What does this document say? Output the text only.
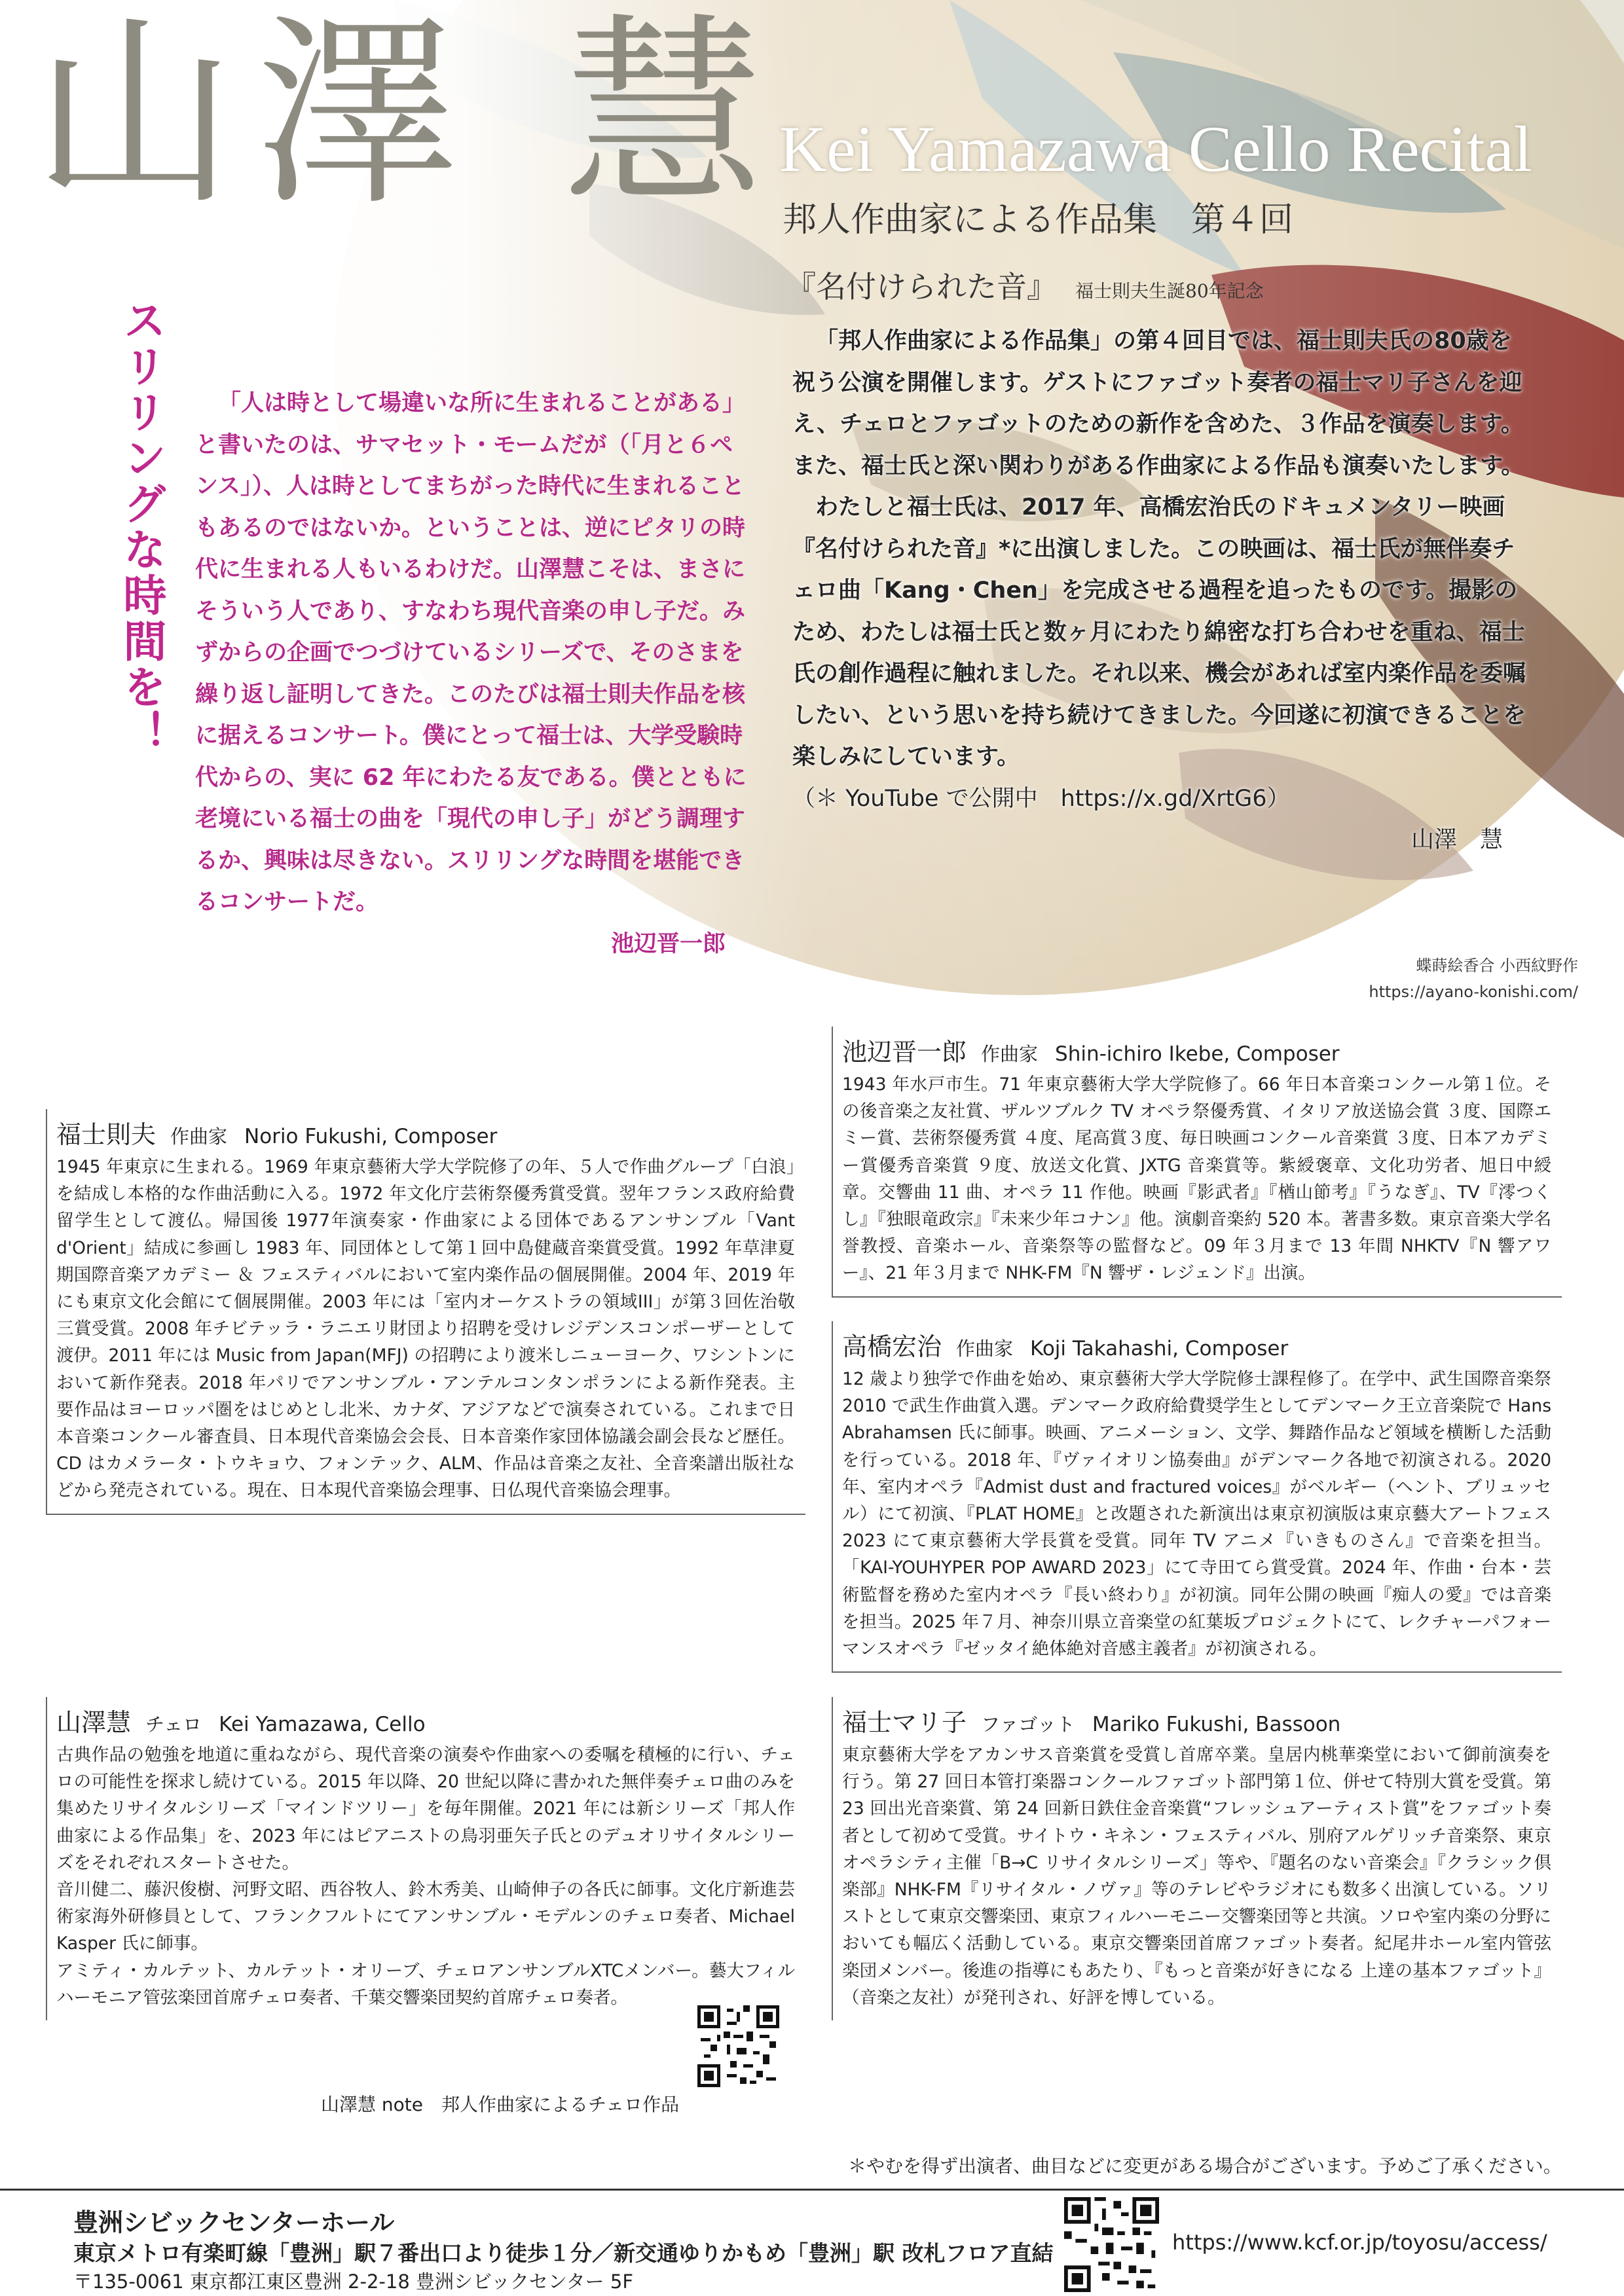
山澤 慧
Kei Yamazawa Cello Recital
邦人作曲家による作品集　第４回
『名付けられた音』 福士則夫生誕80年記念
スリリングな時間を！	「人は時として場違いな所に生まれることがある」と書いたのは、サマセット・モームだが（「月と６ペンス」）、人は時としてまちがった時代に生まれることもあるのではないか。ということは、逆にピタリの時代に生まれる人もいるわけだ。山澤慧こそは、まさにそういう人であり、すなわち現代音楽の申し子だ。みずからの企画でつづけているシリーズで、そのさまを繰り返し証明してきた。このたびは福士則夫作品を核に据えるコンサート。僕にとって福士は、大学受験時代からの、実に 62 年にわたる友である。僕とともに老境にいる福士の曲を「現代の申し子」がどう調理するか、興味は尽きない。スリリングな時間を堪能できるコンサートだ。

池辺晋一郎

「邦人作曲家による作品集」の第４回目では、福士則夫氏の80歳を祝う公演を開催します。ゲストにファゴット奏者の福士マリ子さんを迎え、チェロとファゴットのための新作を含めた、３作品を演奏します。また、福士氏と深い関わりがある作曲家による作品も演奏いたします。

わたしと福士氏は、2017 年、高橋宏治氏のドキュメンタリー映画『名付けられた音』*に出演しました。この映画は、福士氏が無伴奏チェロ曲「Kang・Chen」を完成させる過程を追ったものです。撮影のため、わたしは福士氏と数ヶ月にわたり綿密な打ち合わせを重ね、福士氏の創作過程に触れました。それ以来、機会があれば室内楽作品を委嘱したい、という思いを持ち続けてきました。今回遂に初演できることを楽しみにしています。

（＊ YouTube で公開中　https://x.gd/XrtG6）

山澤　慧

蝶蒔絵香合 小西紋野作
https://ayano-konishi.com/
池辺晋一郎 作曲家 Shin-ichiro Ikebe, Composer
1943 年水戸市生。71 年東京藝術大学大学院修了。66 年日本音楽コンクール第１位。その後音楽之友社賞、ザルツブルク TV オペラ祭優秀賞、イタリア放送協会賞 ３度、国際エミー賞、芸術祭優秀賞 ４度、尾高賞３度、毎日映画コンクール音楽賞 ３度、日本アカデミー賞優秀音楽賞 ９度、放送文化賞、JXTG 音楽賞等。紫綬褒章、文化功労者、旭日中綬章。交響曲 11 曲、オペラ 11 作他。映画『影武者』『楢山節考』『うなぎ』、TV『澪つくし』『独眼竜政宗』『未来少年コナン』他。演劇音楽約 520 本。著書多数。東京音楽大学名誉教授、音楽ホール、音楽祭等の監督など。09 年３月まで 13 年間 NHKTV『N 響アワー』、21 年３月まで NHK-FM『N 響ザ・レジェンド』出演。
福士則夫 作曲家 Norio Fukushi, Composer
1945 年東京に生まれる。1969 年東京藝術大学大学院修了の年、５人で作曲グループ「白浪」を結成し本格的な作曲活動に入る。1972 年文化庁芸術祭優秀賞受賞。翌年フランス政府給費留学生として渡仏。帰国後 1977年演奏家・作曲家による団体であるアンサンブル「Vant d'Orient」結成に参画し 1983 年、同団体として第１回中島健蔵音楽賞受賞。1992 年草津夏期国際音楽アカデミー ＆ フェスティバルにおいて室内楽作品の個展開催。2004 年、2019 年にも東京文化会館にて個展開催。2003 年には「室内オーケストラの領域III」が第３回佐治敬三賞受賞。2008 年チビテッラ・ラニエリ財団より招聘を受けレジデンスコンポーザーとして渡伊。2011 年には Music from Japan(MFJ) の招聘により渡米しニューヨーク、ワシントンにおいて新作発表。2018 年パリでアンサンブル・アンテルコンタンポランによる新作発表。主要作品はヨーロッパ圏をはじめとし北米、カナダ、アジアなどで演奏されている。これまで日本音楽コンクール審査員、日本現代音楽協会会長、日本音楽作家団体協議会副会長など歴任。CD はカメラータ・トウキョウ、フォンテック、ALM、作品は音楽之友社、全音楽譜出版社などから発売されている。現在、日本現代音楽協会理事、日仏現代音楽協会理事。
高橋宏治 作曲家 Koji Takahashi, Composer
12 歳より独学で作曲を始め、東京藝術大学大学院修士課程修了。在学中、武生国際音楽祭 2010 で武生作曲賞入選。デンマーク政府給費奨学生としてデンマーク王立音楽院で Hans Abrahamsen 氏に師事。映画、アニメーション、文学、舞踏作品など領域を横断した活動を行っている。2018 年、『ヴァイオリン協奏曲』がデンマーク各地で初演される。2020年、室内オペラ『Admist dust and fractured voices』がベルギー（ヘント、ブリュッセル）にて初演、『PLAT HOME』と改題された新演出は東京初演版は東京藝大アートフェス 2023 にて東京藝術大学長賞を受賞。同年 TV アニメ『いきものさん』で音楽を担当。「KAI-YOUHYPER POP AWARD 2023」にて寺田てら賞受賞。2024 年、作曲・台本・芸術監督を務めた室内オペラ『長い終わり』が初演。同年公開の映画『痴人の愛』では音楽を担当。2025 年７月、神奈川県立音楽堂の紅葉坂プロジェクトにて、レクチャーパフォーマンスオペラ『ゼッタイ絶体絶対音感主義者』が初演される。
山澤慧 チェロ Kei Yamazawa, Cello
古典作品の勉強を地道に重ねながら、現代音楽の演奏や作曲家への委嘱を積極的に行い、チェロの可能性を探求し続けている。2015 年以降、20 世紀以降に書かれた無伴奏チェロ曲のみを集めたリサイタルシリーズ「マインドツリー」を毎年開催。2021 年には新シリーズ「邦人作曲家による作品集」を、2023 年にはピアニストの鳥羽亜矢子氏とのデュオリサイタルシリーズをそれぞれスタートさせた。
音川健二、藤沢俊樹、河野文昭、西谷牧人、鈴木秀美、山崎伸子の各氏に師事。文化庁新進芸術家海外研修員として、フランクフルトにてアンサンブル・モデルンのチェロ奏者、Michael Kasper 氏に師事。
アミティ・カルテット、カルテット・オリーブ、チェロアンサンブルXTCメンバー。藝大フィルハーモニア管弦楽団首席チェロ奏者、千葉交響楽団契約首席チェロ奏者。
福士マリ子 ファゴット Mariko Fukushi, Bassoon
東京藝術大学をアカンサス音楽賞を受賞し首席卒業。皇居内桃華楽堂において御前演奏を行う。第 27 回日本管打楽器コンクールファゴット部門第１位、併せて特別大賞を受賞。第 23 回出光音楽賞、第 24 回新日鉄住金音楽賞“フレッシュアーティスト賞”をファゴット奏者として初めて受賞。サイトウ・キネン・フェスティバル、別府アルゲリッチ音楽祭、東京オペラシティ主催「B→C リサイタルシリーズ」等や、『題名のない音楽会』『クラシック倶楽部』NHK-FM『リサイタル・ノヴァ』等のテレビやラジオにも数多く出演している。ソリストとして東京交響楽団、東京フィルハーモニー交響楽団等と共演。ソロや室内楽の分野においても幅広く活動している。東京交響楽団首席ファゴット奏者。紀尾井ホール室内管弦楽団メンバー。後進の指導にもあたり、『もっと音楽が好きになる 上達の基本ファゴット』（音楽之友社）が発刊され、好評を博している。
山澤慧 note　邦人作曲家によるチェロ作品
＊やむを得ず出演者、曲目などに変更がある場合がございます。予めご了承ください。
豊洲シビックセンターホール
東京メトロ有楽町線「豊洲」駅７番出口より徒歩１分／新交通ゆりかもめ「豊洲」駅 改札フロア直結
〒135-0061 東京都江東区豊洲 2-2-18 豊洲シビックセンター 5F
https://www.kcf.or.jp/toyosu/access/
